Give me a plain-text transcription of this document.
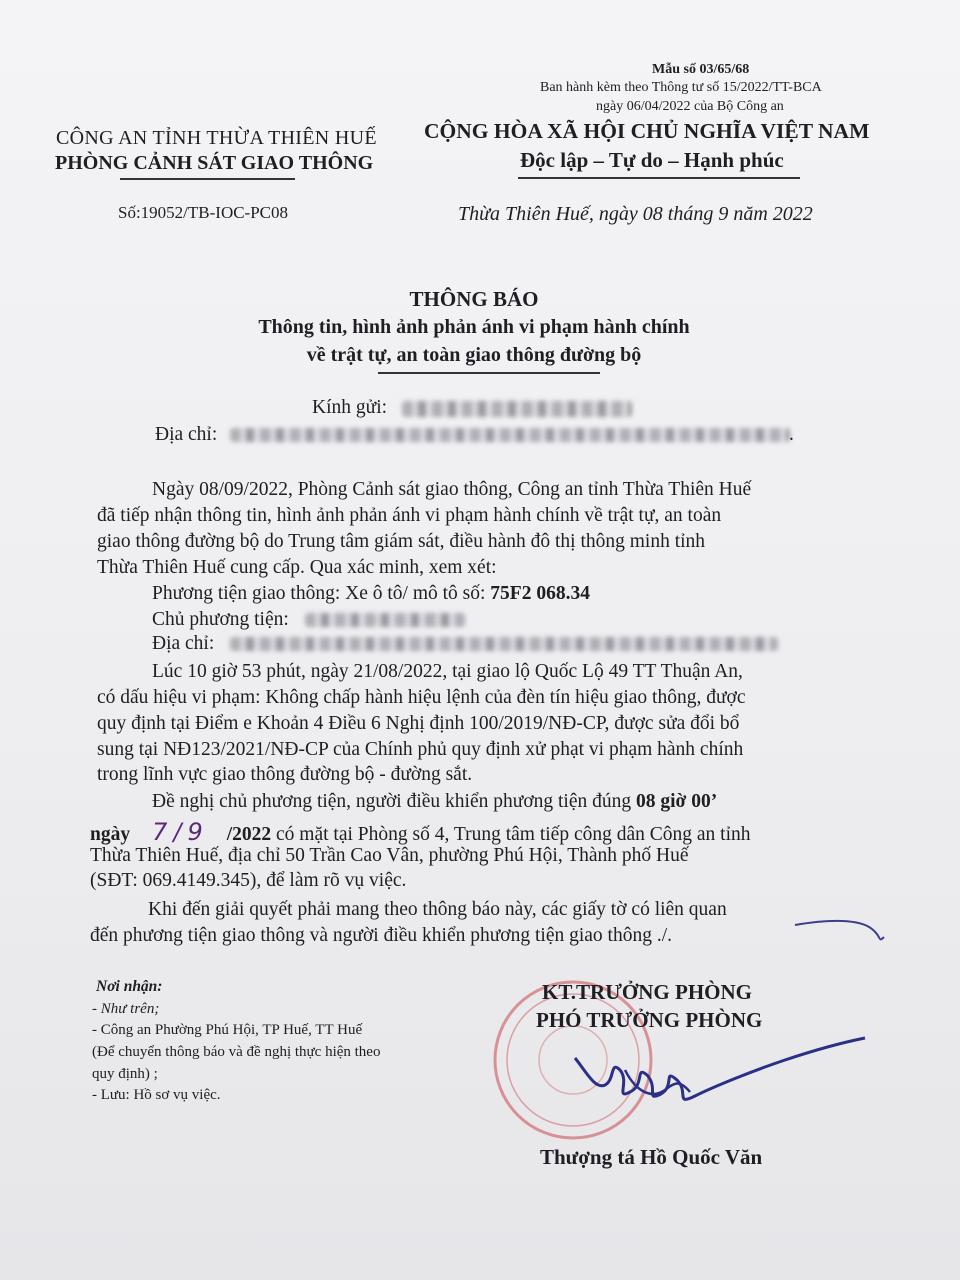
Mẫu số 03/65/68
Ban hành kèm theo Thông tư số 15/2022/TT-BCA
ngày 06/04/2022 của Bộ Công an
CÔNG AN TỈNH THỪA THIÊN HUẾ
PHÒNG CẢNH SÁT GIAO THÔNG
Số:19052/TB-IOC-PC08
CỘNG HÒA XÃ HỘI CHỦ NGHĨA VIỆT NAM
Độc lập – Tự do – Hạnh phúc
Thừa Thiên Huế, ngày 08 tháng 9 năm 2022
THÔNG BÁO
Thông tin, hình ảnh phản ánh vi phạm hành chính
về trật tự, an toàn giao thông đường bộ
Kính gửi:
Địa chỉ:	.
Ngày 08/09/2022, Phòng Cảnh sát giao thông, Công an tỉnh Thừa Thiên Huế
đã tiếp nhận thông tin, hình ảnh phản ánh vi phạm hành chính về trật tự, an toàn
giao thông đường bộ do Trung tâm giám sát, điều hành đô thị thông minh tỉnh
Thừa Thiên Huế cung cấp. Qua xác minh, xem xét:
Phương tiện giao thông: Xe ô tô/ mô tô số: 75F2 068.34
Chủ phương tiện:
Địa chỉ:
Lúc 10 giờ 53 phút, ngày 21/08/2022, tại giao lộ Quốc Lộ 49 TT Thuận An,
có dấu hiệu vi phạm: Không chấp hành hiệu lệnh của đèn tín hiệu giao thông, được
quy định tại Điểm e Khoản 4 Điều 6 Nghị định 100/2019/NĐ-CP, được sửa đổi bổ
sung tại NĐ123/2021/NĐ-CP của Chính phủ quy định xử phạt vi phạm hành chính
trong lĩnh vực giao thông đường bộ - đường sắt.
Đề nghị chủ phương tiện, người điều khiển phương tiện đúng 08 giờ 00’
ngày 7/9 /2022 có mặt tại Phòng số 4, Trung tâm tiếp công dân Công an tỉnh
Thừa Thiên Huế, địa chỉ 50 Trần Cao Vân, phường Phú Hội, Thành phố Huế
(SĐT: 069.4149.345), để làm rõ vụ việc.
Khi đến giải quyết phải mang theo thông báo này, các giấy tờ có liên quan
đến phương tiện giao thông và người điều khiển phương tiện giao thông ./.
Nơi nhận:
- Như trên;
- Công an Phường Phú Hội, TP Huế, TT Huế
(Để chuyển thông báo và đề nghị thực hiện theo
quy định) ;
- Lưu: Hồ sơ vụ việc.
KT.TRƯỞNG PHÒNG
PHÓ TRƯỞNG PHÒNG
Thượng tá Hồ Quốc Văn
